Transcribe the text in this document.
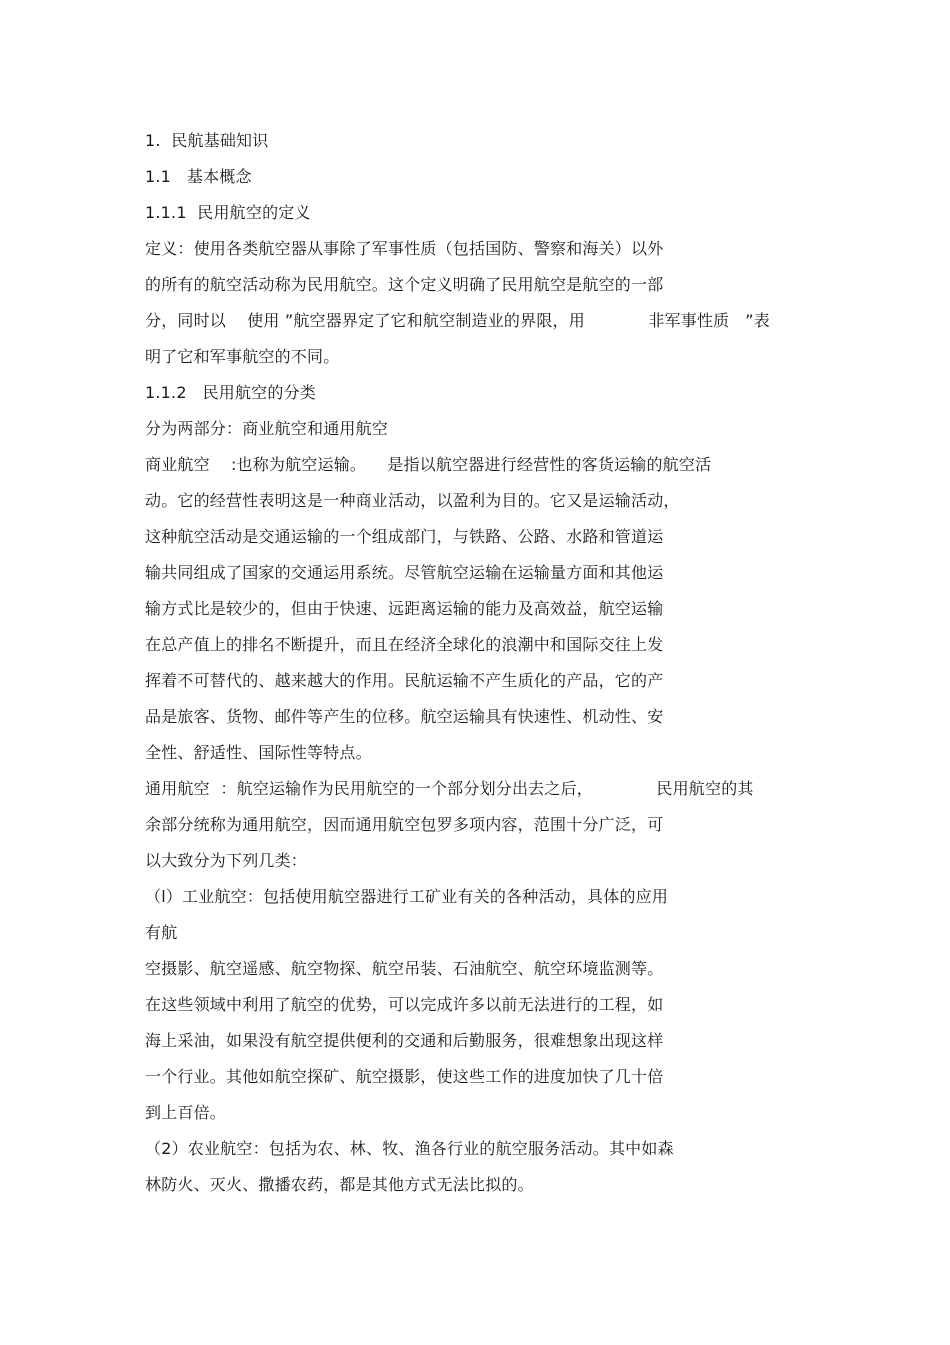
1.  民航基础知识
1.1   基本概念
1.1.1  民用航空的定义
定义：使用各类航空器从事除了军事性质（包括国防、警察和海关）以外
的所有的航空活动称为民用航空。这个定义明确了民用航空是航空的一部
分，同时以    使用 ”航空器界定了它和航空制造业的界限，用            非军事性质   ”表
明了它和军事航空的不同。
1.1.2   民用航空的分类
分为两部分：商业航空和通用航空
商业航空    :也称为航空运输。    是指以航空器进行经营性的客货运输的航空活
动。它的经营性表明这是一种商业活动，以盈利为目的。它又是运输活动，
这种航空活动是交通运输的一个组成部门，与铁路、公路、水路和管道运
输共同组成了国家的交通运用系统。尽管航空运输在运输量方面和其他运
输方式比是较少的，但由于快速、远距离运输的能力及高效益，航空运输
在总产值上的排名不断提升，而且在经济全球化的浪潮中和国际交往上发
挥着不可替代的、越来越大的作用。民航运输不产生质化的产品，它的产
品是旅客、货物、邮件等产生的位移。航空运输具有快速性、机动性、安
全性、舒适性、国际性等特点。
通用航空  ：航空运输作为民用航空的一个部分划分出去之后，            民用航空的其
余部分统称为通用航空，因而通用航空包罗多项内容，范围十分广泛，可
以大致分为下列几类：
（l）工业航空：包括使用航空器进行工矿业有关的各种活动，具体的应用
有航
空摄影、航空遥感、航空物探、航空吊装、石油航空、航空环境监测等。
在这些领域中利用了航空的优势，可以完成许多以前无法进行的工程，如
海上采油，如果没有航空提供便利的交通和后勤服务，很难想象出现这样
一个行业。其他如航空探矿、航空摄影，使这些工作的进度加快了几十倍
到上百倍。
（2）农业航空：包括为农、林、牧、渔各行业的航空服务活动。其中如森
林防火、灭火、撒播农药，都是其他方式无法比拟的。
